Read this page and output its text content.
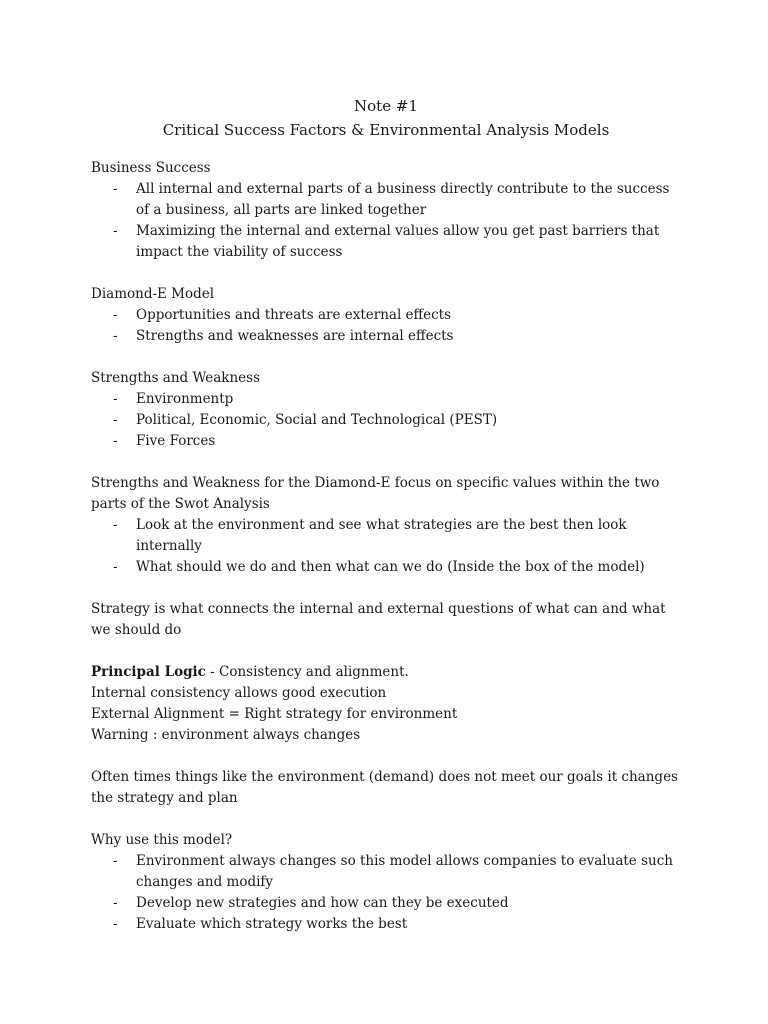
Note #1

Critical Success Factors & Environmental Analysis Models

Business Success

- All internal and external parts of a business directly contribute to the success of a business, all parts are linked together
- Maximizing the internal and external values allow you get past barriers that impact the viability of success

Diamond-E Model

- Opportunities and threats are external effects
- Strengths and weaknesses are internal effects

Strengths and Weakness

- Environmentp
- Political, Economic, Social and Technological (PEST)
- Five Forces

Strengths and Weakness for the Diamond-E focus on specific values within the two parts of the Swot Analysis

- Look at the environment and see what strategies are the best then look internally
- What should we do and then what can we do (Inside the box of the model)

Strategy is what connects the internal and external questions of what can and what we should do

Principal Logic - Consistency and alignment.

Internal consistency allows good execution

External Alignment = Right strategy for environment

Warning : environment always changes

Often times things like the environment (demand) does not meet our goals it changes the strategy and plan

Why use this model?

- Environment always changes so this model allows companies to evaluate such changes and modify
- Develop new strategies and how can they be executed
- Evaluate which strategy works the best
